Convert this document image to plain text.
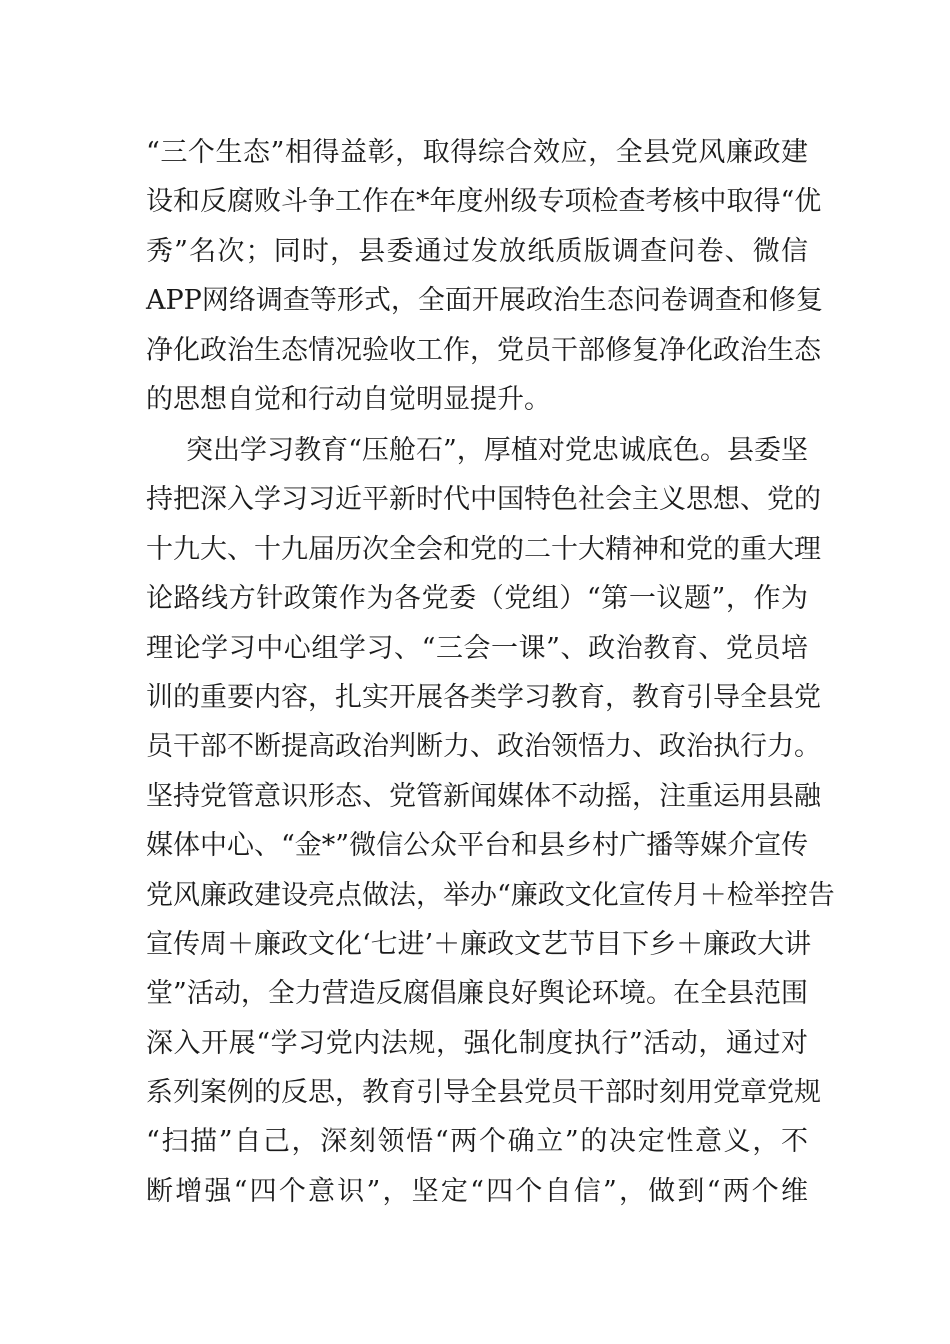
“三个生态”相得益彰，取得综合效应，全县党风廉政建
设和反腐败斗争工作在*年度州级专项检查考核中取得“优
秀”名次；同时，县委通过发放纸质版调查问卷、微信
APP网络调查等形式，全面开展政治生态问卷调查和修复
净化政治生态情况验收工作，党员干部修复净化政治生态
的思想自觉和行动自觉明显提升。
突出学习教育“压舱石”，厚植对党忠诚底色。县委坚
持把深入学习习近平新时代中国特色社会主义思想、党的
十九大、十九届历次全会和党的二十大精神和党的重大理
论路线方针政策作为各党委（党组）“第一议题”，作为
理论学习中心组学习、“三会一课”、政治教育、党员培
训的重要内容，扎实开展各类学习教育，教育引导全县党
员干部不断提高政治判断力、政治领悟力、政治执行力。
坚持党管意识形态、党管新闻媒体不动摇，注重运用县融
媒体中心、“金*”微信公众平台和县乡村广播等媒介宣传
党风廉政建设亮点做法，举办“廉政文化宣传月＋检举控告
宣传周＋廉政文化‘七进’＋廉政文艺节目下乡＋廉政大讲
堂”活动，全力营造反腐倡廉良好舆论环境。在全县范围
深入开展“学习党内法规，强化制度执行”活动，通过对
系列案例的反思，教育引导全县党员干部时刻用党章党规
“扫描”自己，深刻领悟“两个确立”的决定性意义，不
断增强“四个意识”，坚定“四个自信”，做到“两个维
